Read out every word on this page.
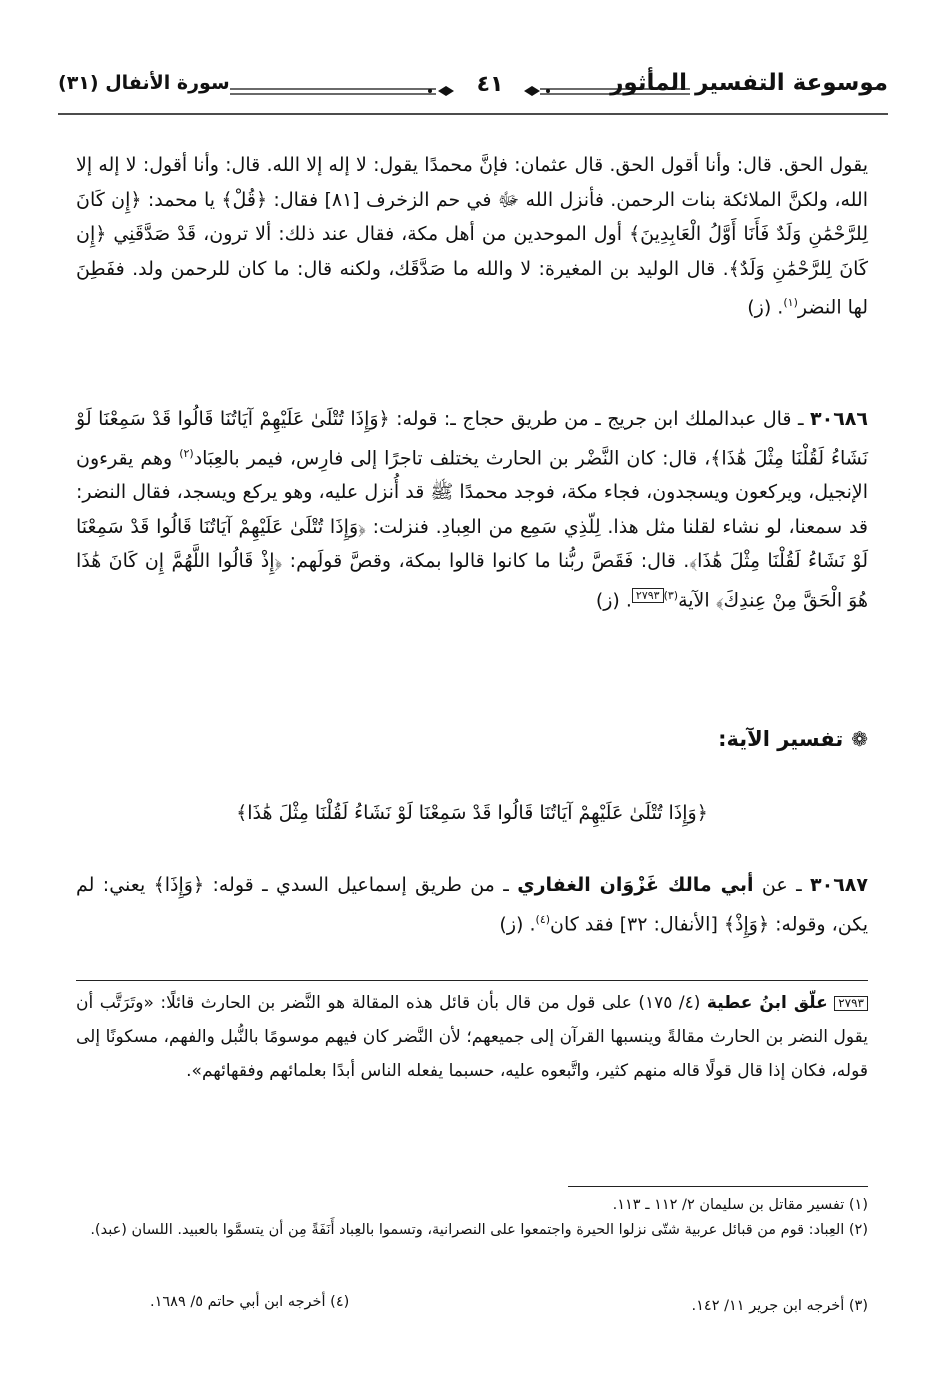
موسوعة التفسير المأثور
٤١
سورة الأنفال (٣١)
يقول الحق. قال: وأنا أقول الحق. قال عثمان: فإنَّ محمدًا يقول: لا إله إلا الله. قال: وأنا أقول: لا إله إلا الله، ولكنَّ الملائكة بنات الرحمن. فأنزل الله ﷻ في حم الزخرف [٨١] فقال: ﴿قُلْ﴾ يا محمد: ﴿إِن كَانَ لِلرَّحْمَٰنِ وَلَدٌ فَأَنَا أَوَّلُ الْعَابِدِينَ﴾ أول الموحدين من أهل مكة، فقال عند ذلك: ألا ترون، قَدْ صَدَّقَنِي ﴿إِن كَانَ لِلرَّحْمَٰنِ وَلَدٌ﴾. قال الوليد بن المغيرة: لا والله ما صَدَّقَك، ولكنه قال: ما كان للرحمن ولد. ففَطِنَ لها النضر$^{(١)}$. (ز)
٣٠٦٨٦ ـ قال عبدالملك ابن جريج ـ من طريق حجاج ـ: قوله: ﴿وَإِذَا تُتْلَىٰ عَلَيْهِمْ آيَاتُنَا قَالُوا قَدْ سَمِعْنَا لَوْ نَشَاءُ لَقُلْنَا مِثْلَ هَٰذَا﴾، قال: كان النَّضْر بن الحارث يختلف تاجرًا إلى فارِس، فيمر بالعِبَاد$^{(٢)}$ وهم يقرءون الإنجيل، ويركعون ويسجدون، فجاء مكة، فوجد محمدًا ﷺ قد أُنزل عليه، وهو يركع ويسجد، فقال النضر: قد سمعنا، لو نشاء لقلنا مثل هذا. لِلّذِي سَمِع من العِبادِ. فنزلت: ﴿وَإِذَا تُتْلَىٰ عَلَيْهِمْ آيَاتُنَا قَالُوا قَدْ سَمِعْنَا لَوْ نَشَاءُ لَقُلْنَا مِثْلَ هَٰذَا﴾. قال: فَقَصَّ ربُّنا ما كانوا قالوا بمكة، وقصَّ قولَهم: ﴿إِذْ قَالُوا اللَّهُمَّ إِن كَانَ هَٰذَا هُوَ الْحَقَّ مِنْ عِندِكَ﴾ الآية$^{(٣)}$٢٧٩٣. (ز)
❁تفسير الآية:
﴿وَإِذَا تُتْلَىٰ عَلَيْهِمْ آيَاتُنَا قَالُوا قَدْ سَمِعْنَا لَوْ نَشَاءُ لَقُلْنَا مِثْلَ هَٰذَا﴾
٣٠٦٨٧ ـ عن أبي مالك غَزْوَان الغفاري ـ من طريق إسماعيل السدي ـ قوله: ﴿وَإِذَا﴾ يعني: لم يكن، وقوله: ﴿وَإِذْ﴾ [الأنفال: ٣٢] فقد كان$^{(٤)}$. (ز)
٢٧٩٣ علّق ابنُ عطية (٤/ ١٧٥) على قول من قال بأن قائل هذه المقالة هو النَّضر بن الحارث قائلًا: «وتَرَتَّب أن يقول النضر بن الحارث مقالةً وينسبها القرآن إلى جميعهم؛ لأن النَّضر كان فيهم موسومًا بالنُّبل والفهم، مسكونًا إلى قوله، فكان إذا قال قولًا قاله منهم كثير، واتَّبعوه عليه، حسبما يفعله الناس أبدًا بعلمائهم وفقهائهم».
(١) تفسير مقاتل بن سليمان ٢/ ١١٢ ـ ١١٣.
(٢) العِباد: قوم من قبائل عربية شتّى نزلوا الحيرة واجتمعوا على النصرانية، وتسموا بالعِباد أَنَفَةً مِن أن يتسمَّوا بالعبيد. اللسان (عبد).
(٣) أخرجه ابن جرير ١١/ ١٤٢.
(٤) أخرجه ابن أبي حاتم ٥/ ١٦٨٩.
